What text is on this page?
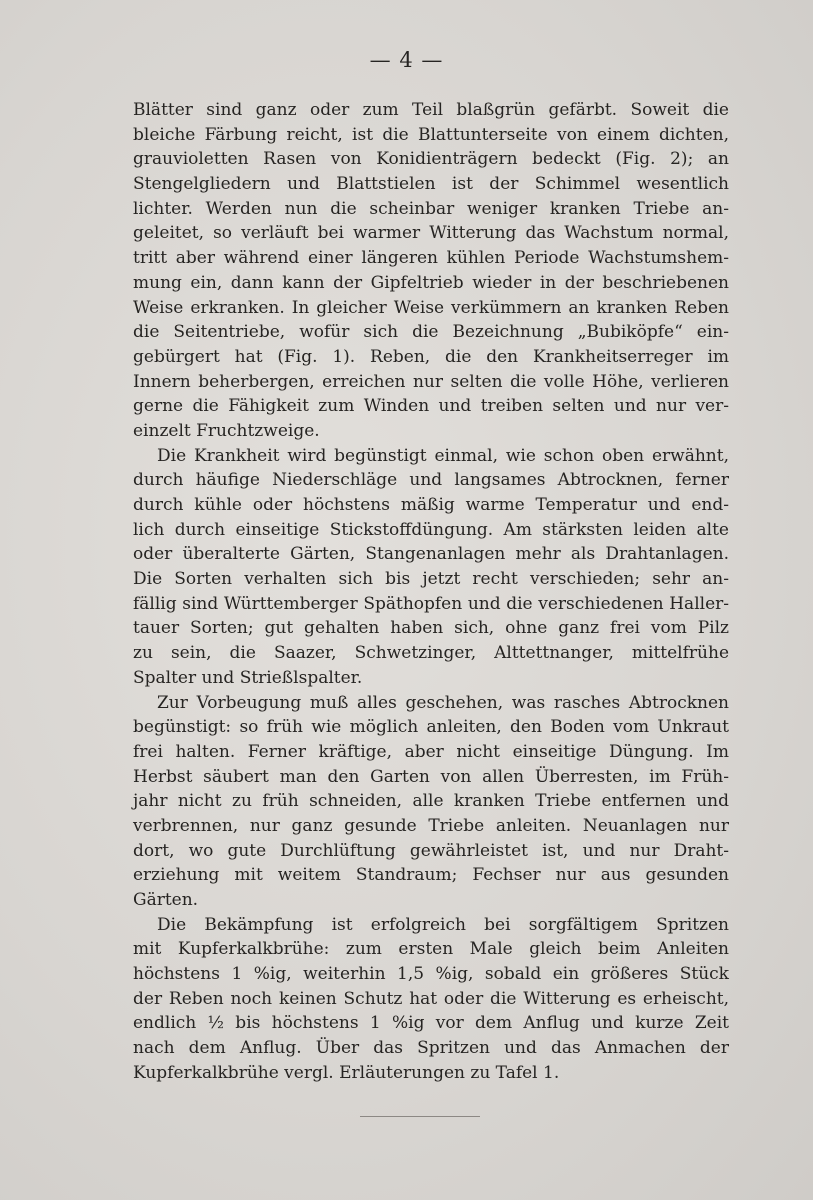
— 4 —
Blätter sind ganz oder zum Teil blaßgrün gefärbt. Soweit die
bleiche Färbung reicht, ist die Blattunterseite von einem dichten,
grauvioletten Rasen von Konidienträgern bedeckt (Fig. 2); an
Stengelgliedern und Blattstielen ist der Schimmel wesentlich
lichter. Werden nun die scheinbar weniger kranken Triebe an-
geleitet, so verläuft bei warmer Witterung das Wachstum normal,
tritt aber während einer längeren kühlen Periode Wachstumshem-
mung ein, dann kann der Gipfeltrieb wieder in der beschriebenen
Weise erkranken. In gleicher Weise verkümmern an kranken Reben
die Seitentriebe, wofür sich die Bezeichnung „Bubiköpfe“ ein-
gebürgert hat (Fig. 1). Reben, die den Krankheitserreger im
Innern beherbergen, erreichen nur selten die volle Höhe, verlieren
gerne die Fähigkeit zum Winden und treiben selten und nur ver-
einzelt Fruchtzweige.
Die Krankheit wird begünstigt einmal, wie schon oben erwähnt,
durch häufige Niederschläge und langsames Abtrocknen, ferner
durch kühle oder höchstens mäßig warme Temperatur und end-
lich durch einseitige Stickstoffdüngung. Am stärksten leiden alte
oder überalterte Gärten, Stangenanlagen mehr als Drahtanlagen.
Die Sorten verhalten sich bis jetzt recht verschieden; sehr an-
fällig sind Württemberger Späthopfen und die verschiedenen Haller-
tauer Sorten; gut gehalten haben sich, ohne ganz frei vom Pilz
zu sein, die Saazer, Schwetzinger, Alttettnanger, mittelfrühe
Spalter und Strießlspalter.
Zur Vorbeugung muß alles geschehen, was rasches Abtrocknen
begünstigt: so früh wie möglich anleiten, den Boden vom Unkraut
frei halten. Ferner kräftige, aber nicht einseitige Düngung. Im
Herbst säubert man den Garten von allen Überresten, im Früh-
jahr nicht zu früh schneiden, alle kranken Triebe entfernen und
verbrennen, nur ganz gesunde Triebe anleiten. Neuanlagen nur
dort, wo gute Durchlüftung gewährleistet ist, und nur Draht-
erziehung mit weitem Standraum; Fechser nur aus gesunden
Gärten.
Die Bekämpfung ist erfolgreich bei sorgfältigem Spritzen
mit Kupferkalkbrühe: zum ersten Male gleich beim Anleiten
höchstens 1 %ig, weiterhin 1,5 %ig, sobald ein größeres Stück
der Reben noch keinen Schutz hat oder die Witterung es erheischt,
endlich ½ bis höchstens 1 %ig vor dem Anflug und kurze Zeit
nach dem Anflug. Über das Spritzen und das Anmachen der
Kupferkalkbrühe vergl. Erläuterungen zu Tafel 1.
